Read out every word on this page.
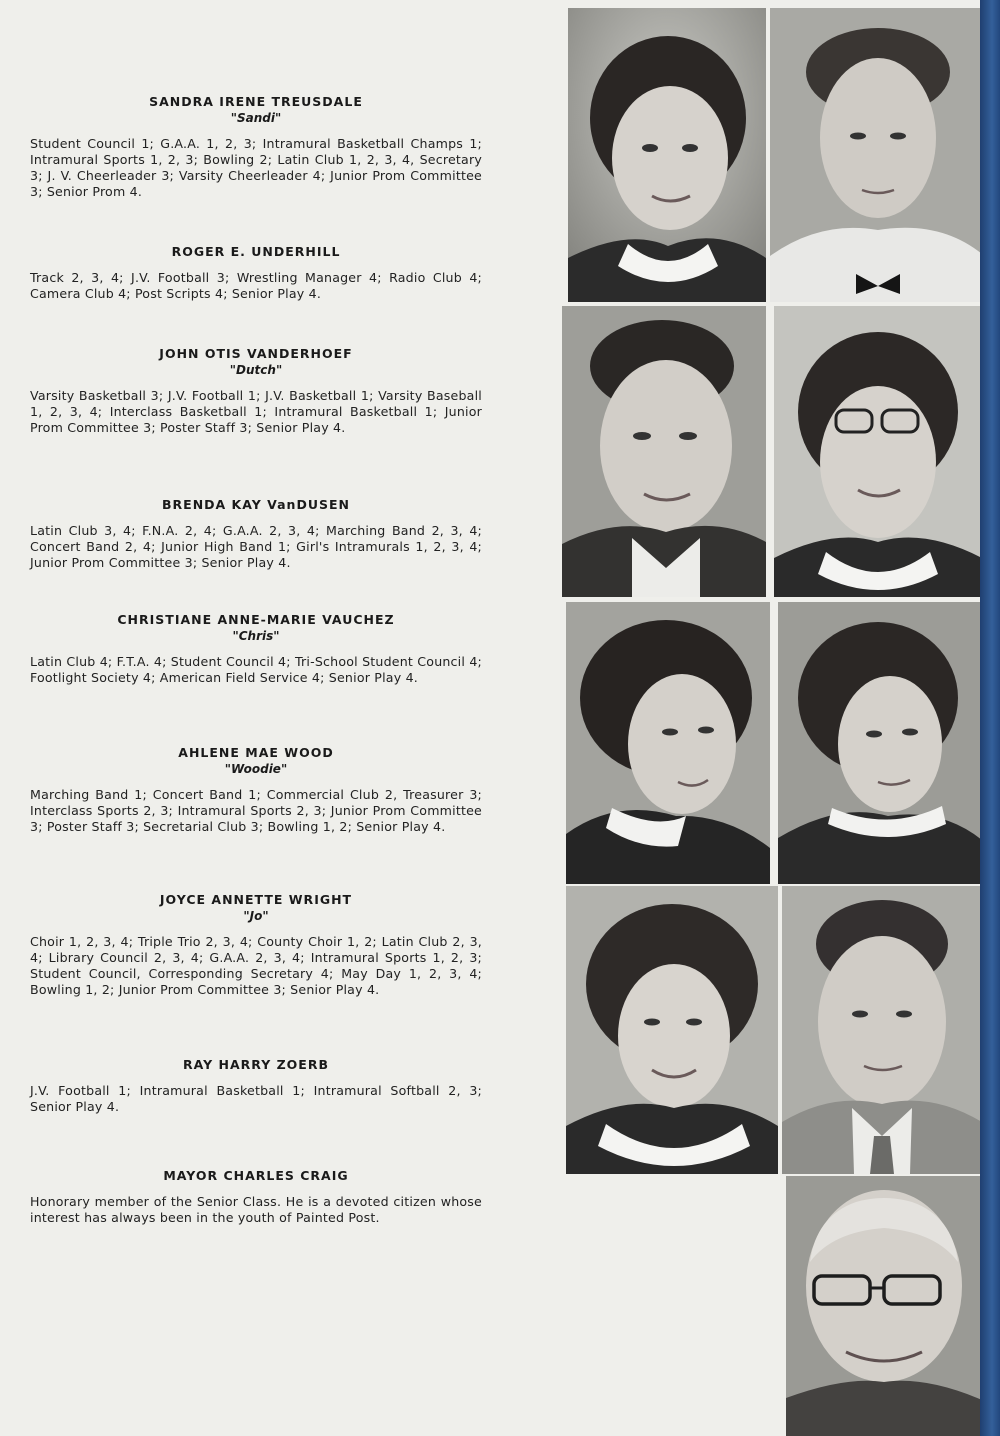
SANDRA IRENE TREUSDALE
"Sandi"

Student Council 1; G.A.A. 1, 2, 3; Intramural Basketball Champs 1; Intramural Sports 1, 2, 3; Bowling 2; Latin Club 1, 2, 3, 4, Secretary 3; J. V. Cheerleader 3; Varsity Cheerleader 4; Junior Prom Committee 3; Senior Prom 4.

ROGER E. UNDERHILL

Track 2, 3, 4; J.V. Football 3; Wrestling Manager 4; Radio Club 4; Camera Club 4; Post Scripts 4; Senior Play 4.

JOHN OTIS VANDERHOEF
"Dutch"

Varsity Basketball 3; J.V. Football 1; J.V. Basketball 1; Varsity Baseball 1, 2, 3, 4; Interclass Basketball 1; Intramural Basketball 1; Junior Prom Committee 3; Poster Staff 3; Senior Play 4.

BRENDA KAY VanDUSEN

Latin Club 3, 4; F.N.A. 2, 4; G.A.A. 2, 3, 4; Marching Band 2, 3, 4; Concert Band 2, 4; Junior High Band 1; Girl's Intramurals 1, 2, 3, 4; Junior Prom Committee 3; Senior Play 4.

CHRISTIANE ANNE-MARIE VAUCHEZ
"Chris"

Latin Club 4; F.T.A. 4; Student Council 4; Tri-School Student Council 4; Footlight Society 4; American Field Service 4; Senior Play 4.

AHLENE MAE WOOD
"Woodie"

Marching Band 1; Concert Band 1; Commercial Club 2, Treasurer 3; Interclass Sports 2, 3; Intramural Sports 2, 3; Junior Prom Committee 3; Poster Staff 3; Secretarial Club 3; Bowling 1, 2; Senior Play 4.

JOYCE ANNETTE WRIGHT
"Jo"

Choir 1, 2, 3, 4; Triple Trio 2, 3, 4; County Choir 1, 2; Latin Club 2, 3, 4; Library Council 2, 3, 4; G.A.A. 2, 3, 4; Intramural Sports 1, 2, 3; Student Council, Corresponding Secretary 4; May Day 1, 2, 3, 4; Bowling 1, 2; Junior Prom Committee 3; Senior Play 4.

RAY HARRY ZOERB

J.V. Football 1; Intramural Basketball 1; Intramural Softball 2, 3; Senior Play 4.

MAYOR CHARLES CRAIG

Honorary member of the Senior Class. He is a devoted citizen whose interest has always been in the youth of Painted Post.
